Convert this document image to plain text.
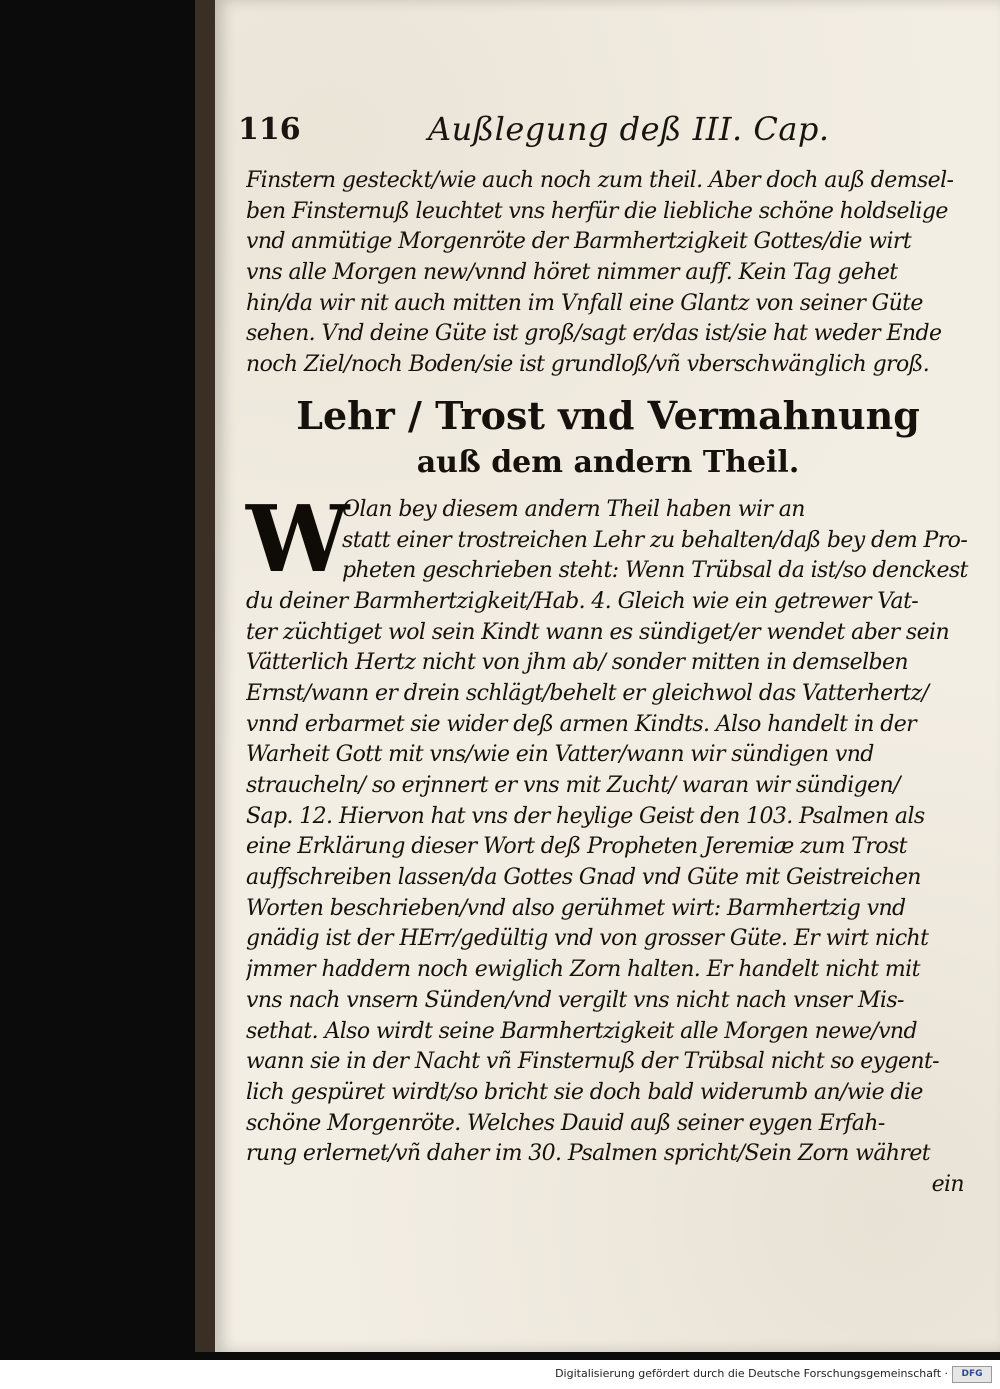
116	Außlegung deß III. Cap.
Finstern gesteckt/wie auch noch zum theil. Aber doch auß demsel-
ben Finsternuß leuchtet vns herfür die liebliche schöne holdselige
vnd anmütige Morgenröte der Barmhertzigkeit Gottes/die wirt
vns alle Morgen new/vnnd höret nimmer auff. Kein Tag gehet
hin/da wir nit auch mitten im Vnfall eine Glantz von seiner Güte
sehen. Vnd deine Güte ist groß/sagt er/das ist/sie hat weder Ende
noch Ziel/noch Boden/sie ist grundloß/vñ vberschwänglich groß.
Lehr / Trost vnd Vermahnung
auß dem andern Theil.
W
Olan bey diesem andern Theil haben wir an
statt einer trostreichen Lehr zu behalten/daß bey dem Pro-
pheten geschrieben steht: Wenn Trübsal da ist/so denckest
du deiner Barmhertzigkeit/Hab. 4. Gleich wie ein getrewer Vat-
ter züchtiget wol sein Kindt wann es sündiget/er wendet aber sein
Vätterlich Hertz nicht von jhm ab/ sonder mitten in demselben
Ernst/wann er drein schlägt/behelt er gleichwol das Vatterhertz/
vnnd erbarmet sie wider deß armen Kindts. Also handelt in der
Warheit Gott mit vns/wie ein Vatter/wann wir sündigen vnd
straucheln/ so erjnnert er vns mit Zucht/ waran wir sündigen/
Sap. 12. Hiervon hat vns der heylige Geist den 103. Psalmen als
eine Erklärung dieser Wort deß Propheten Jeremiæ zum Trost
auffschreiben lassen/da Gottes Gnad vnd Güte mit Geistreichen
Worten beschrieben/vnd also gerühmet wirt: Barmhertzig vnd
gnädig ist der HErr/gedültig vnd von grosser Güte. Er wirt nicht
jmmer haddern noch ewiglich Zorn halten. Er handelt nicht mit
vns nach vnsern Sünden/vnd vergilt vns nicht nach vnser Mis-
sethat. Also wirdt seine Barmhertzigkeit alle Morgen newe/vnd
wann sie in der Nacht vñ Finsternuß der Trübsal nicht so eygent-
lich gespüret wirdt/so bricht sie doch bald widerumb an/wie die
schöne Morgenröte. Welches Dauid auß seiner eygen Erfah-
rung erlernet/vñ daher im 30. Psalmen spricht/Sein Zorn währet
ein
Digitalisierung gefördert durch die Deutsche Forschungsgemeinschaft ·	DFG
